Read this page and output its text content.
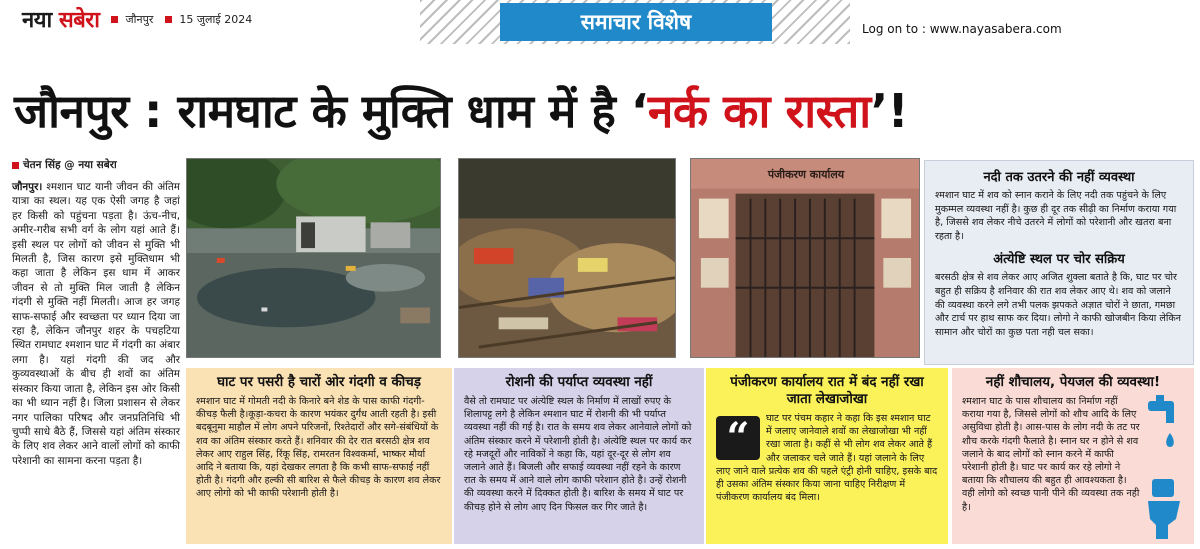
नया सबेरा जौनपुर 15 जुलाई 2024	समाचार विशेष	Log on to : www.nayasabera.com
जौनपुर : रामघाट के मुक्ति धाम में है ‘नर्क का रास्ता’!
चेतन सिंह @ नया सबेरा
जौनपुर। श्मशान घाट यानी जीवन की अंतिम यात्रा का स्थल। यह एक ऐसी जगह है जहां हर किसी को पहुंचना पड़ता है। ऊंच-नीच, अमीर-गरीब सभी वर्ग के लोग यहां आते हैं। इसी स्थल पर लोगों को जीवन से मुक्ति भी मिलती है, जिस कारण इसे मुक्तिधाम भी कहा जाता है लेकिन इस धाम में आकर जीवन से तो मुक्ति मिल जाती है लेकिन गंदगी से मुक्ति नहीं मिलती। आज हर जगह साफ-सफाई और स्वच्छता पर ध्यान दिया जा रहा है, लेकिन जौनपुर शहर के पचहटिया स्थित रामघाट श्मशान घाट में गंदगी का अंबार लगा है। यहां गंदगी की जद और कुव्यवस्थाओं के बीच ही शवों का अंतिम संस्कार किया जाता है, लेकिन इस ओर किसी का भी ध्यान नहीं है। जिला प्रशासन से लेकर नगर पालिका परिषद और जनप्रतिनिधि भी चुप्पी साधे बैठे हैं, जिससे यहां अंतिम संस्कार के लिए शव लेकर आने वालों लोगों को काफी परेशानी का सामना करना पड़ता है।
पंजीकरण कार्यालय	नदी तक उतरने की नहीं व्यवस्था

श्मशान घाट में शव को स्नान कराने के लिए नदी तक पहुंचने के लिए मुकम्मल व्यवस्था नहीं है। कुछ ही दूर तक सीढ़ी का निर्माण कराया गया है, जिससे शव लेकर नीचे उतरने में लोगों को परेशानी और खतरा बना रहता है।

अंत्येष्टि स्थल पर चोर सक्रिय

बरसठी क्षेत्र से शव लेकर आए अजित शुक्ला बताते है कि, घाट पर चोर बहुत ही सक्रिय है शनिवार की रात शव लेकर आए थे। शव को जलाने की व्यवस्था करने लगे तभी पलक झपकते अज्ञात चोरों ने छाता, गमछा और टार्च पर हाथ साफ कर दिया। लोगो ने काफी खोजबीन किया लेकिन सामान और चोरों का कुछ पता नही चल सका।

घाट पर पसरी है चारों ओर गंदगी व कीचड़

श्मशान घाट में गोमती नदी के किनारे बने शेड के पास काफी गंदगी-कीचड़ फैली है।कूड़ा-कचरा के कारण भयंकर दुर्गंध आती रहती है। इसी बदबूनुमा माहौल में लोग अपने परिजनों, रिश्तेदारों और सगे-संबंधियों के शव का अंतिम संस्कार करते हैं। शनिवार की देर रात बरसठी क्षेत्र शव लेकर आए राहुल सिंह, रिंकू सिंह, रामरतन विश्वकर्मा, भाष्कर मौर्या आदि ने बताया कि, यहां देखकर लगता है कि कभी साफ-सफाई नहीं होती है। गंदगी और हल्की सी बारिश से फैले कीचड़ के कारण शव लेकर आए लोगो को भी काफी परेशानी होती है।

रोशनी की पर्याप्त व्यवस्था नहीं

वैसे तो रामघाट पर अंत्येष्टि स्थल के निर्माण में लाखों रुपए के शिलापट्ट लगे है लेकिन श्मशान घाट में रोशनी की भी पर्याप्त व्यवस्था नहीं की गई है। रात के समय शव लेकर आनेवाले लोगों को अंतिम संस्कार करने में परेशानी होती है। अंत्येष्टि स्थल पर कार्य कर रहे मजदूरों और नाविकों ने कहा कि, यहां दूर-दूर से लोग शव जलाने आते हैं। बिजली और सफाई व्यवस्था नहीं रहने के कारण रात के समय में आने वाले लोग काफी परेशान होते है। उन्हें रोशनी की व्यवस्था करने में दिक्कत होती है। बारिश के समय में घाट पर कीचड़ होने से लोग आए दिन फिसल कर गिर जाते है।

पंजीकरण कार्यालय रात में बंद नहीं रखा जाता लेखाजोखा
“	घाट पर पंचम कहार ने कहा कि इस श्मशान घाट में जलाए जानेवाले शवों का लेखाजोखा भी नहीं रखा जाता है। कहीं से भी लोग शव लेकर आते हैं और जलाकर चले जाते हैं। यहां जलाने के लिए लाए जाने वाले प्रत्येक शव की पहले एंट्री होनी चाहिए, इसके बाद ही उसका अंतिम संस्कार किया जाना चाहिए निरीक्षण में पंजीकरण कार्यालय बंद मिला।

नहीं शौचालय, पेयजल की व्यवस्था!

श्मशान घाट के पास शौचालय का निर्माण नहीं कराया गया है, जिससे लोगों को शौच आदि के लिए असुविधा होती है। आस-पास के लोग नदी के तट पर शौच करके गंदगी फैलाते है। स्नान घर न होने से शव जलाने के बाद लोगों को स्नान करने में काफी परेशानी होती है। घाट पर कार्य कर रहे लोगो ने बताया कि शौचालय की बहुत ही आवश्यकता है। वही लोगो को स्वच्छ पानी पीने की व्यवस्था तक नही है।
